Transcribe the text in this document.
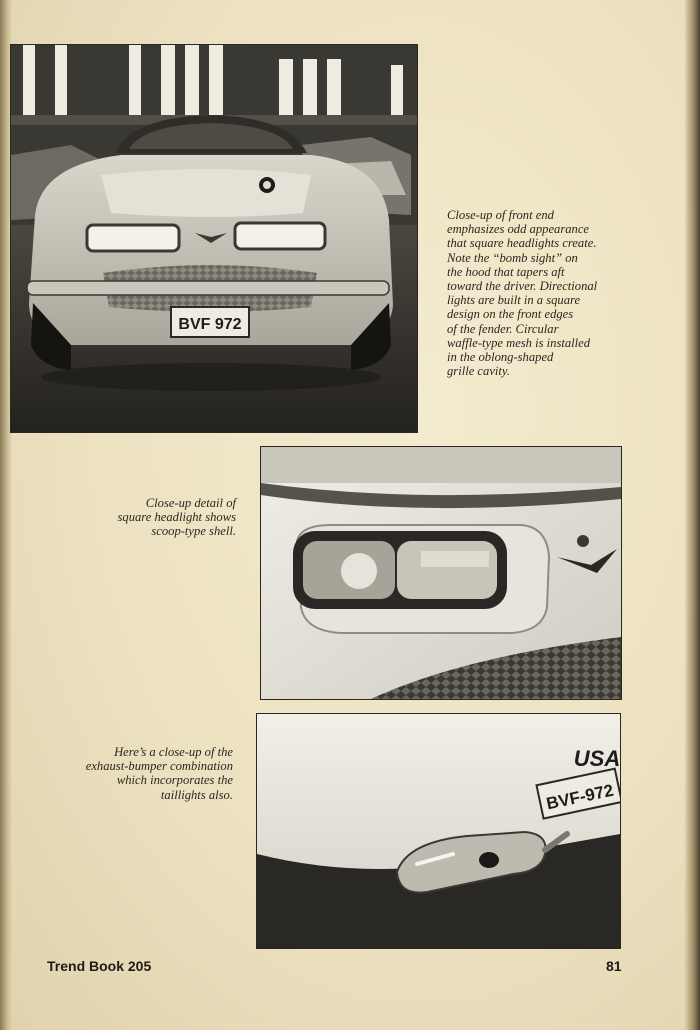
BVF 972

Close-up of front end
emphasizes odd appearance
that square headlights create.
Note the “bomb sight” on
the hood that tapers aft
toward the driver. Directional
lights are built in a square
design on the front edges
of the fender. Circular
waffle-type mesh is installed
in the oblong-shaped
grille cavity.

Close-up detail of
square headlight shows
scoop-type shell.

USA
BVF-972

Here’s a close-up of the
exhaust-bumper combination
which incorporates the
taillights also.

Trend Book 205	81
